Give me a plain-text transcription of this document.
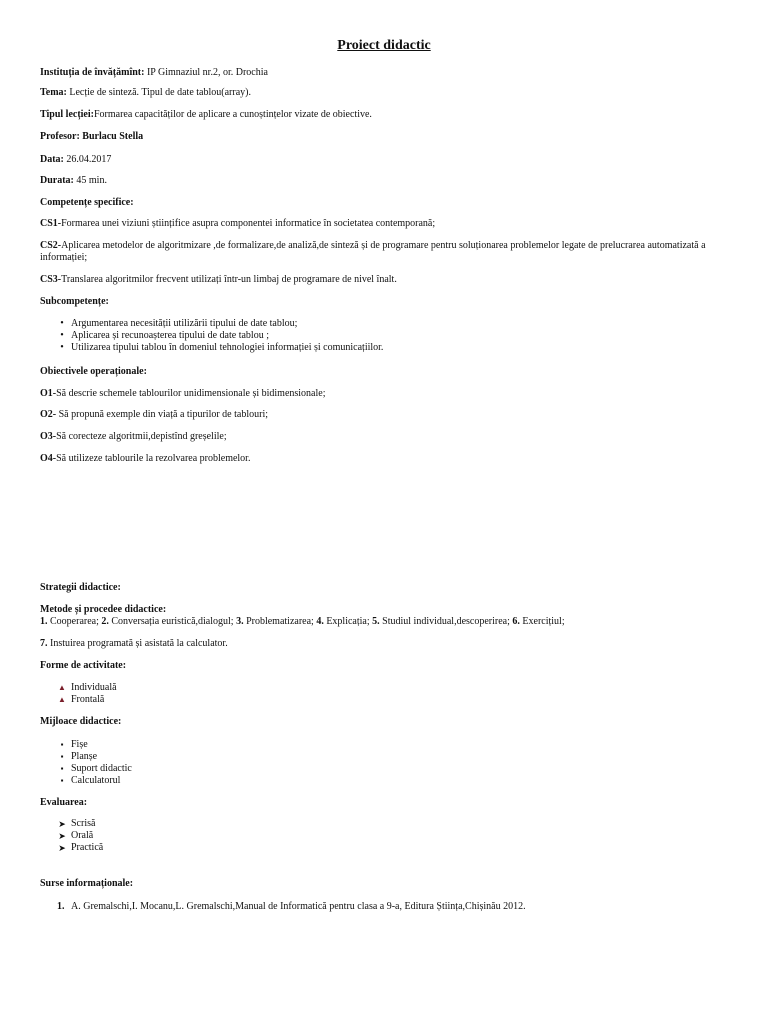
Proiect didactic
Instituția de învățămînt: IP Gimnaziul nr.2, or. Drochia
Tema: Lecție de sinteză. Tipul de date tablou(array).
Tipul lecției:Formarea capacităților de aplicare a cunoștințelor vizate de obiective.
Profesor: Burlacu Stella
Data: 26.04.2017
Durata: 45 min.
Competențe specifice:
CS1-Formarea unei viziuni științifice asupra componentei informatice în societatea contemporană;
CS2-Aplicarea metodelor de algoritmizare ,de formalizare,de analiză,de sinteză și de programare pentru soluționarea problemelor legate de prelucrarea automatizată a informației;
CS3-Translarea algoritmilor frecvent utilizați într-un limbaj de programare de nivel înalt.
Subcompetențe:
• Argumentarea necesității utilizării tipului de date tablou;
• Aplicarea și recunoașterea tipului de date tablou ;
• Utilizarea tipului tablou în domeniul tehnologiei informației și comunicațiilor.
Obiectivele operaționale:
O1-Să descrie schemele tablourilor unidimensionale și bidimensionale;
O2- Să propună exemple din viață a tipurilor de tablouri;
O3-Să corecteze algoritmii,depistînd greșelile;
O4-Să utilizeze tablourile la rezolvarea problemelor.
Strategii didactice:
Metode și procedee didactice:
1. Cooperarea; 2. Conversația euristică,dialogul; 3. Problematizarea; 4. Explicația; 5. Studiul individual,descoperirea; 6. Exercițiul;
7. Instuirea programată și asistată la calculator.
Forme de activitate:
▲ Individuală
▲ Frontală
Mijloace didactice:
▪ Fișe
▪ Planșe
▪ Suport didactic
▪ Calculatorul
Evaluarea:
➤ Scrisă
➤ Orală
➤ Practică
Surse informaționale:
1. A. Gremalschi,I. Mocanu,L. Gremalschi,Manual de Informatică pentru clasa a 9-a, Editura Știința,Chișinău 2012.
